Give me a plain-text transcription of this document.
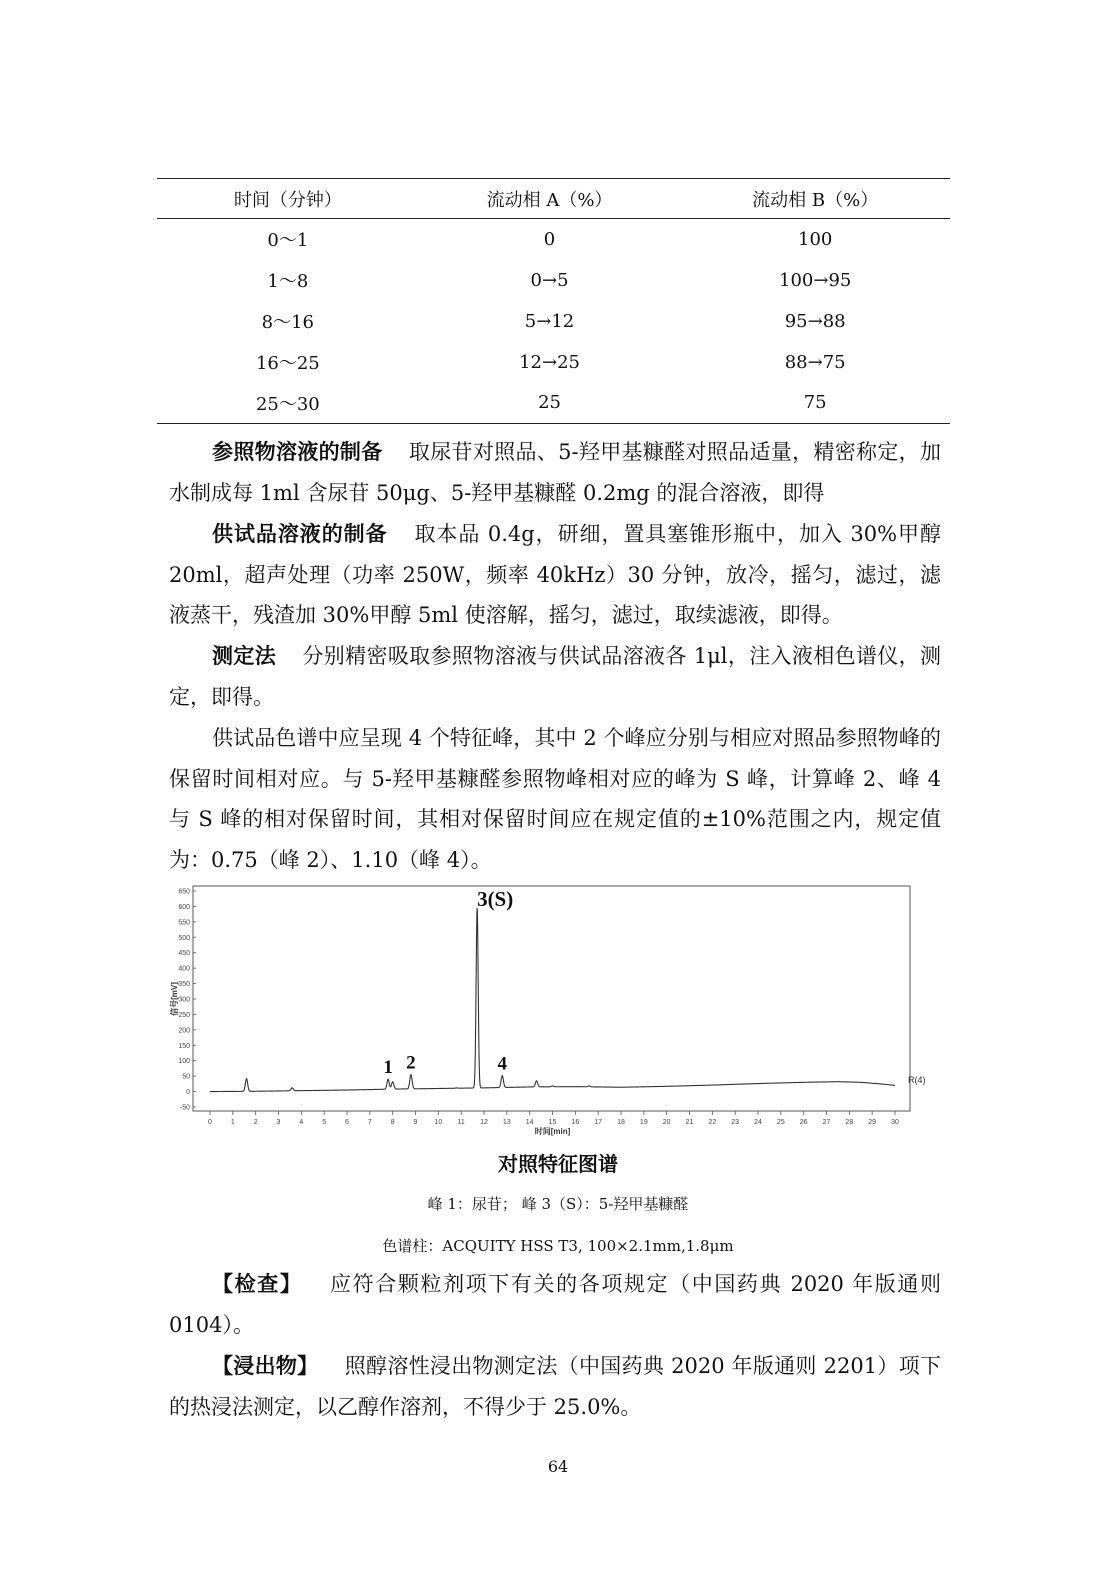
时间（分钟）	流动相 A（%）	流动相 B（%）
0～1	0	100
1～8	0→5	100→95
8～16	5→12	95→88
16～25	12→25	88→75
25～30	25	75

参照物溶液的制备 取尿苷对照品、5-羟甲基糠醛对照品适量，精密称定，加水制成每 1ml 含尿苷 50μg、5-羟甲基糠醛 0.2mg 的混合溶液，即得

供试品溶液的制备 取本品 0.4g，研细，置具塞锥形瓶中，加入 30%甲醇 20ml，超声处理（功率 250W，频率 40kHz）30 分钟，放冷，摇匀，滤过，滤液蒸干，残渣加 30%甲醇 5ml 使溶解，摇匀，滤过，取续滤液，即得。

测定法 分别精密吸取参照物溶液与供试品溶液各 1μl，注入液相色谱仪，测定，即得。

供试品色谱中应呈现 4 个特征峰，其中 2 个峰应分别与相应对照品参照物峰的保留时间相对应。与 5-羟甲基糠醛参照物峰相对应的峰为 S 峰，计算峰 2、峰 4 与 S 峰的相对保留时间，其相对保留时间应在规定值的±10%范围之内，规定值为：0.75（峰 2）、1.10（峰 4）。

-50
0
50
100
150
200
250
300
350
400
450
500
550
600
650
0	1	2	3	4	5	6	7	8	9 10 11 12 13 14 15 16 17 18 19 20 21 22 23 24 25 26 27 28 29 30
1 2
3(S)
4
R(4)
信号[mV]
时间[min]
对照特征图谱
峰 1：尿苷； 峰 3（S）：5-羟甲基糠醛
色谱柱：ACQUITY HSS T3, 100×2.1mm,1.8μm

【检查】 应符合颗粒剂项下有关的各项规定（中国药典 2020 年版通则 0104）。

【浸出物】 照醇溶性浸出物测定法（中国药典 2020 年版通则 2201）项下的热浸法测定，以乙醇作溶剂，不得少于 25.0%。

64
